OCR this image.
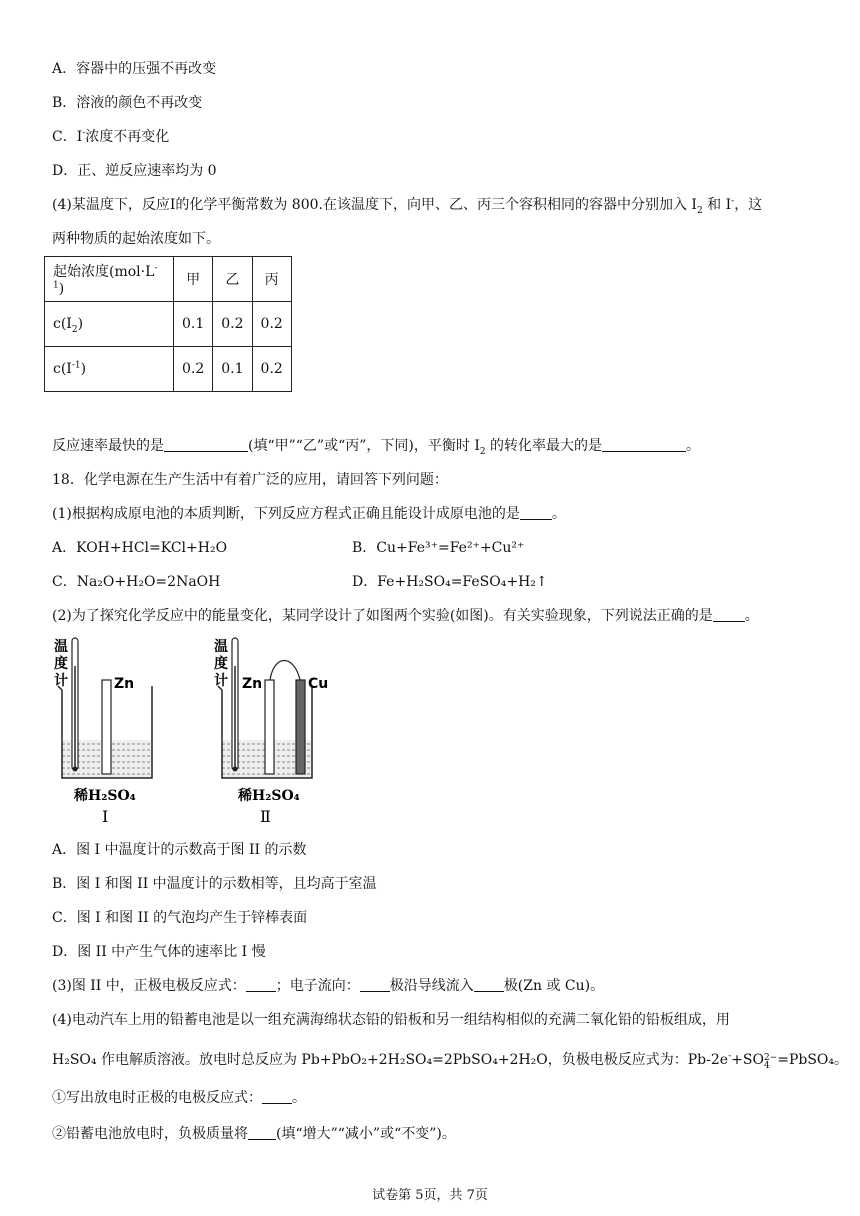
A．容器中的压强不再改变
B．溶液的颜色不再改变
C．I-浓度不再变化
D．正、逆反应速率均为 0
(4)某温度下，反应Ⅰ的化学平衡常数为 800.在该温度下，向甲、乙、丙三个容积相同的容器中分别加入 $I_2$ 和 I-，这
两种物质的起始浓度如下。
起始浓度$(mol\cdot L^{-1})$	甲	乙	丙
$c(I_2)$	0.1	0.2	0.2
$c(I^{-1})$	0.2	0.1	0.2
反应速率最快的是	(填“甲”“乙”或“丙”，下同)，平衡时 $I_2$ 的转化率最大的是	。
18．化学电源在生产生活中有着广泛的应用，请回答下列问题：
(1)根据构成原电池的本质判断，下列反应方程式正确且能设计成原电池的是 。
A．KOH+HCl=KCl+H₂O	B．Cu+Fe³⁺=Fe²⁺+Cu²⁺
C．Na₂O+H₂O=2NaOH	D．Fe+H₂SO₄=FeSO₄+H₂↑
(2)为了探究化学反应中的能量变化，某同学设计了如图两个实验(如图)。有关实验现象，下列说法正确的是 。
温
度
计	Zn
稀H₂SO₄
Ⅰ
温
度
计 Zn	Cu
稀H₂SO₄
Ⅱ
A．图 I 中温度计的示数高于图 II 的示数
B．图 I 和图 II 中温度计的示数相等，且均高于室温
C．图 I 和图 II 的气泡均产生于锌棒表面
D．图 II 中产生气体的速率比 I 慢
(3)图 II 中，正极电极反应式： ；电子流向： 极沿导线流入 极(Zn 或 Cu)。
(4)电动汽车上用的铅蓄电池是以一组充满海绵状态铅的铅板和另一组结构相似的充满二氧化铅的铅板组成，用
H₂SO₄ 作电解质溶液。放电时总反应为 Pb+PbO₂+2H₂SO₄=2PbSO₄+2H₂O，负极电极反应式为：Pb-2e-+SO 2−
4 =PbSO₄。
①写出放电时正极的电极反应式： 。
②铅蓄电池放电时，负极质量将 (填“增大”“减小”或“不变”)。
试卷第 5页，共 7页
